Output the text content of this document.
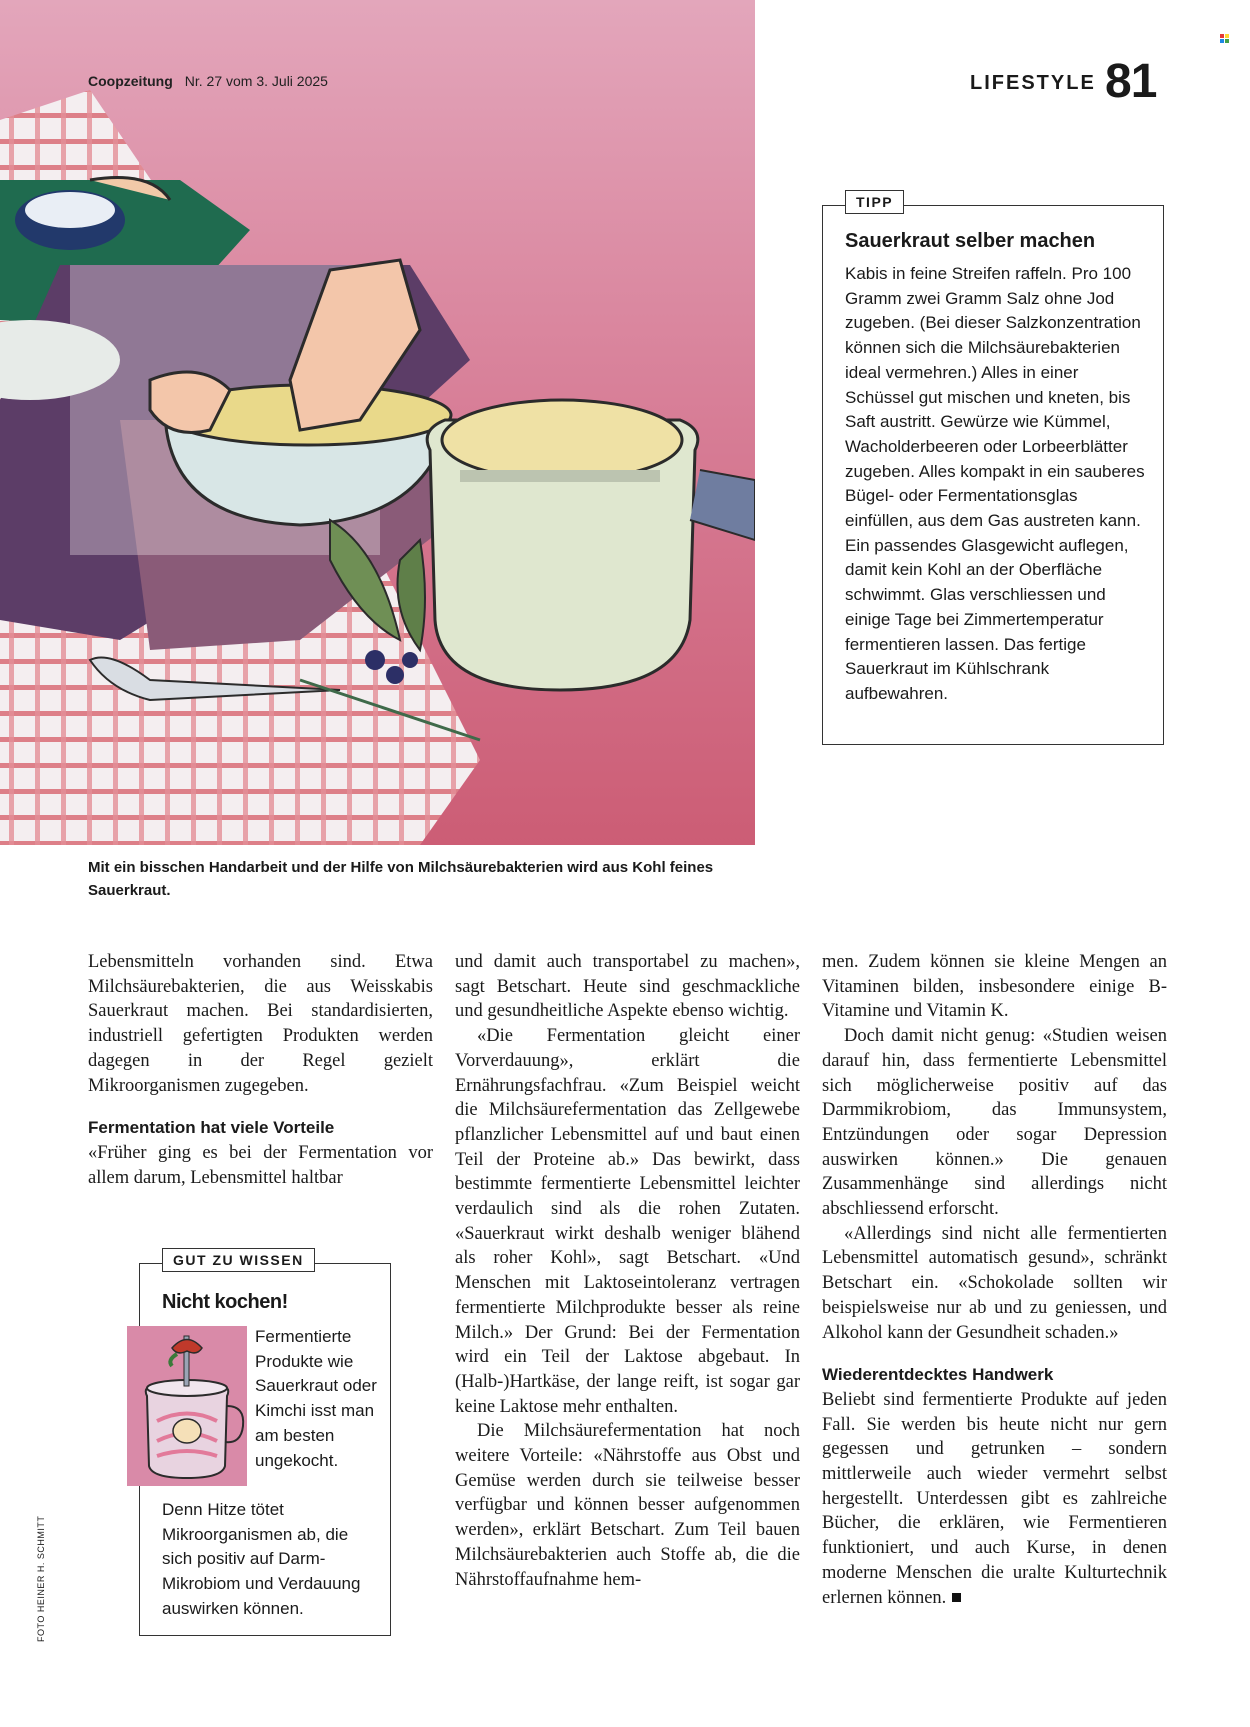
Coopzeitung Nr. 27 vom 3. Juli 2025	LIFESTYLE 81
TIPP
Sauerkraut selber machen
Kabis in feine Streifen raffeln. Pro 100 Gramm zwei Gramm Salz ohne Jod zugeben. (Bei dieser Salzkonzentration können sich die Milchsäurebakterien ideal vermehren.) Alles in einer Schüssel gut mischen und kneten, bis Saft austritt. Gewürze wie Kümmel, Wacholderbeeren oder Lorbeerblätter zugeben. Alles kompakt in ein sauberes Bügel- oder Fermentationsglas einfüllen, aus dem Gas austreten kann. Ein passendes Glasgewicht auflegen, damit kein Kohl an der Oberfläche schwimmt. Glas verschliessen und einige Tage bei Zimmertemperatur fermentieren lassen. Das fertige Sauerkraut im Kühlschrank aufbewahren.
Mit ein bisschen Handarbeit und der Hilfe von Milchsäurebakterien wird aus Kohl feines Sauerkraut.

Lebensmitteln vorhanden sind. Etwa Milchsäurebakterien, die aus Weisskabis Sauerkraut machen. Bei standardisierten, industriell gefertigten Produkten werden dagegen in der Regel gezielt Mikroorganismen zugegeben.

Fermentation hat viele Vorteile

«Früher ging es bei der Fermentation vor allem darum, Lebensmittel haltbar

und damit auch transportabel zu machen», sagt Betschart. Heute sind geschmackliche und gesundheitliche Aspekte ebenso wichtig.

«Die Fermentation gleicht einer Vorverdauung», erklärt die Ernährungsfachfrau. «Zum Beispiel weicht die Milchsäurefermentation das Zellgewebe pflanzlicher Lebensmittel auf und baut einen Teil der Proteine ab.» Das bewirkt, dass bestimmte fermentierte Lebensmittel leichter verdaulich sind als die rohen Zutaten. «Sauerkraut wirkt deshalb weniger blähend als roher Kohl», sagt Betschart. «Und Menschen mit Laktoseintoleranz vertragen fermentierte Milchprodukte besser als reine Milch.» Der Grund: Bei der Fermentation wird ein Teil der Laktose abgebaut. In (Halb-)Hartkäse, der lange reift, ist sogar gar keine Laktose mehr enthalten.

Die Milchsäurefermentation hat noch weitere Vorteile: «Nährstoffe aus Obst und Gemüse werden durch sie teilweise besser verfügbar und können besser aufgenommen werden», erklärt Betschart. Zum Teil bauen Milchsäurebakterien auch Stoffe ab, die die Nährstoffaufnahme hem-

men. Zudem können sie kleine Mengen an Vitaminen bilden, insbesondere einige B-Vitamine und Vitamin K.

Doch damit nicht genug: «Studien weisen darauf hin, dass fermentierte Lebensmittel sich möglicherweise positiv auf das Darmmikrobiom, das Immunsystem, Entzündungen oder sogar Depression auswirken können.» Die genauen Zusammenhänge sind allerdings nicht abschliessend erforscht.

«Allerdings sind nicht alle fermentierten Lebensmittel automatisch gesund», schränkt Betschart ein. «Schokolade sollten wir beispielsweise nur ab und zu geniessen, und Alkohol kann der Gesundheit schaden.»

Wiederentdecktes Handwerk

Beliebt sind fermentierte Produkte auf jeden Fall. Sie werden bis heute nicht nur gern gegessen und getrunken – sondern mittlerweile auch wieder vermehrt selbst hergestellt. Unterdessen gibt es zahlreiche Bücher, die erklären, wie Fermentieren funktioniert, und auch Kurse, in denen moderne Menschen die uralte Kulturtechnik erlernen können.

GUT ZU WISSEN
Nicht kochen!
Fermentierte Produkte wie Sauerkraut oder Kimchi isst man am besten ungekocht.
Denn Hitze tötet Mikroorganismen ab, die sich positiv auf Darm-Mikrobiom und Verdauung auswirken können.
FOTO HEINER H. SCHMITT
